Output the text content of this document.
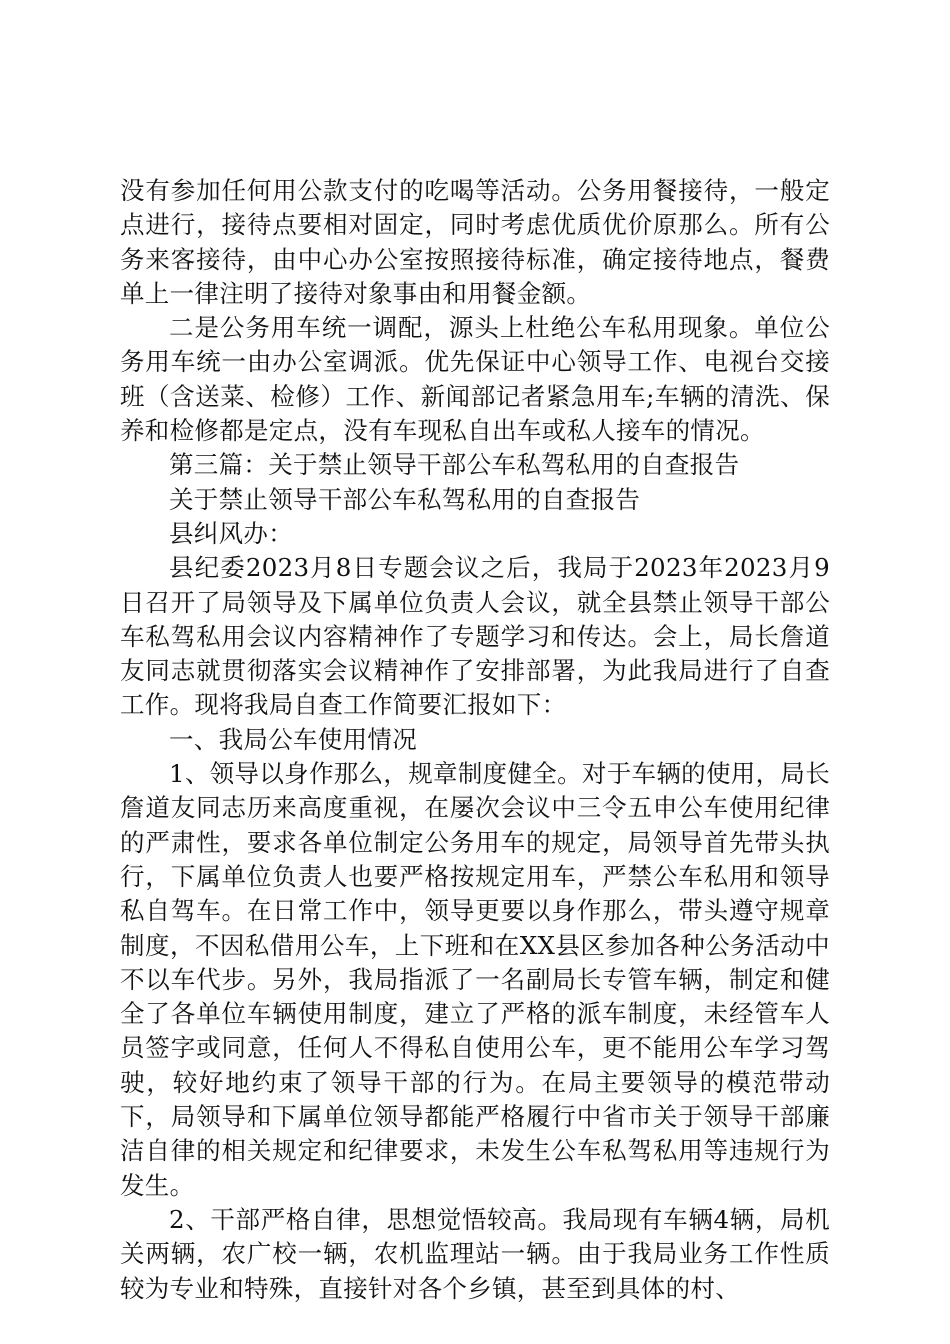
没有参加任何用公款支付的吃喝等活动。公务用餐接待，一般定点进行，接待点要相对固定，同时考虑优质优价原那么。所有公务来客接待，由中心办公室按照接待标准，确定接待地点，餐费单上一律注明了接待对象事由和用餐金额。

二是公务用车统一调配，源头上杜绝公车私用现象。单位公务用车统一由办公室调派。优先保证中心领导工作、电视台交接班（含送菜、检修）工作、新闻部记者紧急用车;车辆的清洗、保养和检修都是定点，没有车现私自出车或私人接车的情况。

第三篇：关于禁止领导干部公车私驾私用的自查报告

关于禁止领导干部公车私驾私用的自查报告

县纠风办：

县纪委2023月8日专题会议之后，我局于2023年2023月9日召开了局领导及下属单位负责人会议，就全县禁止领导干部公车私驾私用会议内容精神作了专题学习和传达。会上，局长詹道友同志就贯彻落实会议精神作了安排部署，为此我局进行了自查工作。现将我局自查工作简要汇报如下：

一、我局公车使用情况

1、领导以身作那么，规章制度健全。对于车辆的使用，局长詹道友同志历来高度重视，在屡次会议中三令五申公车使用纪律的严肃性，要求各单位制定公务用车的规定，局领导首先带头执行，下属单位负责人也要严格按规定用车，严禁公车私用和领导私自驾车。在日常工作中，领导更要以身作那么，带头遵守规章制度，不因私借用公车，上下班和在XX县区参加各种公务活动中不以车代步。另外，我局指派了一名副局长专管车辆，制定和健全了各单位车辆使用制度，建立了严格的派车制度，未经管车人员签字或同意，任何人不得私自使用公车，更不能用公车学习驾驶，较好地约束了领导干部的行为。在局主要领导的模范带动下，局领导和下属单位领导都能严格履行中省市关于领导干部廉洁自律的相关规定和纪律要求，未发生公车私驾私用等违规行为发生。

2、干部严格自律，思想觉悟较高。我局现有车辆4辆，局机关两辆，农广校一辆，农机监理站一辆。由于我局业务工作性质较为专业和特殊，直接针对各个乡镇，甚至到具体的村、
